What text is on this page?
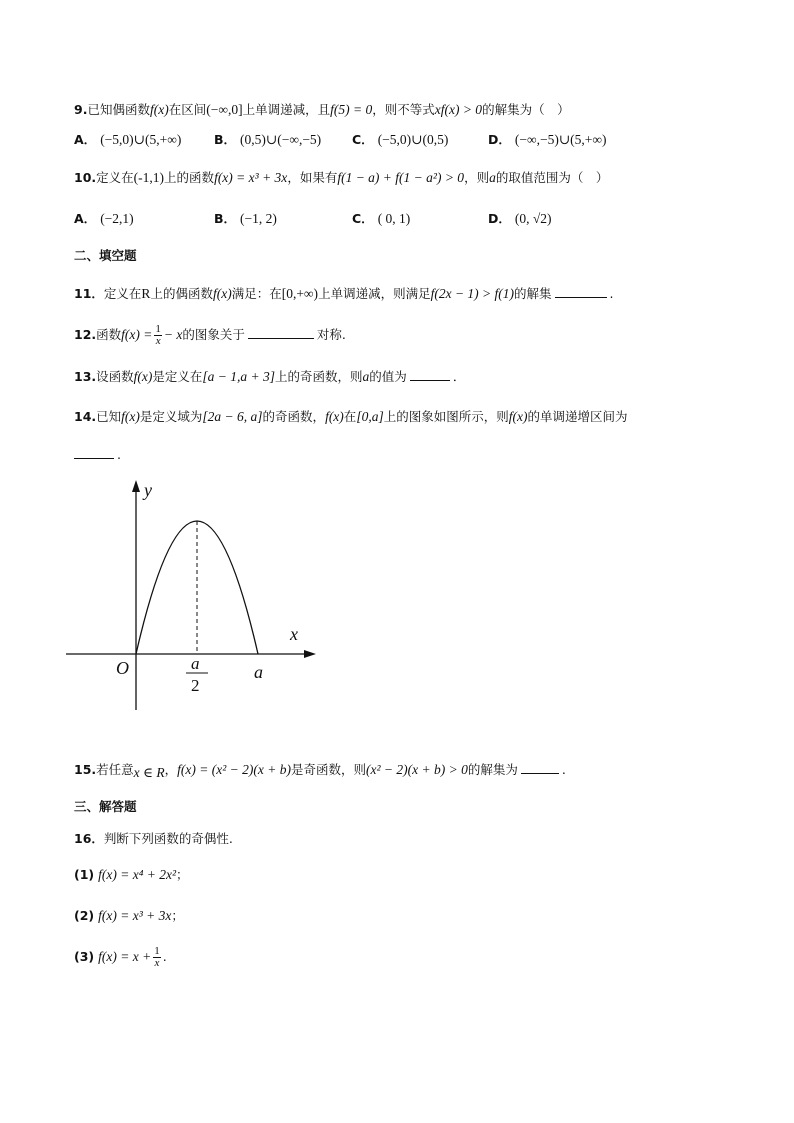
9.已知偶函数f(x)在区间(−∞,0]上单调递减，且f(5) = 0，则不等式xf(x) > 0的解集为（　）
A． (−5,0)∪(5,+∞)	B． (0,5)∪(−∞,−5) C． (−5,0)∪(0,5)	D． (−∞,−5)∪(5,+∞)
10.定义在(-1,1)上的函数f(x) = x³ + 3x，如果有f(1 − a) + f(1 − a²) > 0，则a的取值范围为（　）
A． (−2,1)	B． (−1, 2)	C． ( 0, 1)	D． (0, √2)
二、填空题
11．定义在R上的偶函数f(x)满足：在[0,+∞)上单调递减，则满足f(2x − 1) > f(1)的解集	.
12.函数$f(x) = \frac{1}{x} - x$的图象关于	对称.
13.设函数f(x)是定义在[a − 1,a + 3]上的奇函数，则a的值为	．
14.已知f(x)是定义域为[2a − 6, a]的奇函数，f(x)在[0,a]上的图象如图所示，则f(x)的单调递增区间为
.
y
x
O	a
2
a
15.若任意x ∈ R，f(x) = (x² − 2)(x + b)是奇函数，则(x² − 2)(x + b) > 0的解集为	.
三、解答题
16．判断下列函数的奇偶性.
(1) f(x) = x⁴ + 2x²；
(2) f(x) = x³ + 3x；
(3) $f(x) = x + \frac{1}{x}$ .
